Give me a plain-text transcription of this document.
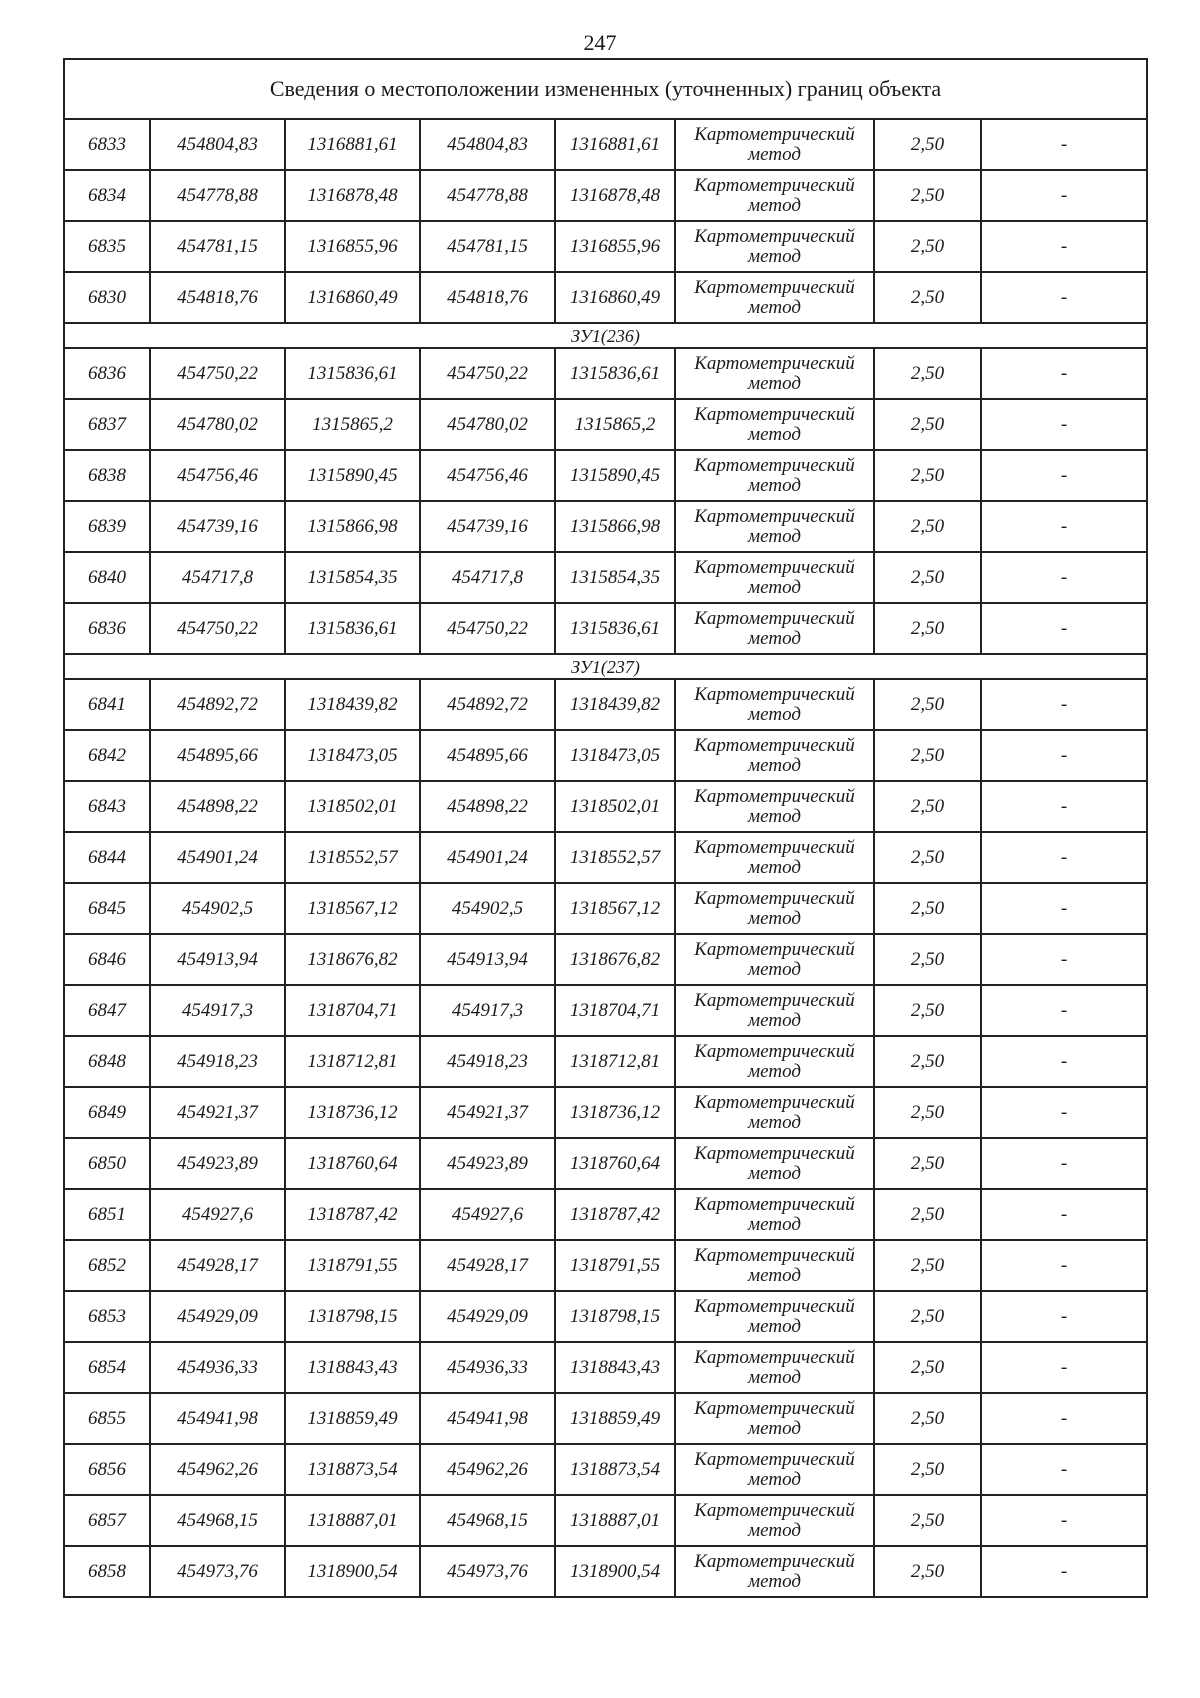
247
Сведения о местоположении измененных (уточненных) границ объекта							
6833	454804,83	1316881,61	454804,83	1316881,61	Картометрический метод	2,50	-
6834	454778,88	1316878,48	454778,88	1316878,48	Картометрический метод	2,50	-
6835	454781,15	1316855,96	454781,15	1316855,96	Картометрический метод	2,50	-
6830	454818,76	1316860,49	454818,76	1316860,49	Картометрический метод	2,50	-
ЗУ1(236)							
6836	454750,22	1315836,61	454750,22	1315836,61	Картометрический метод	2,50	-
6837	454780,02	1315865,2	454780,02	1315865,2	Картометрический метод	2,50	-
6838	454756,46	1315890,45	454756,46	1315890,45	Картометрический метод	2,50	-
6839	454739,16	1315866,98	454739,16	1315866,98	Картометрический метод	2,50	-
6840	454717,8	1315854,35	454717,8	1315854,35	Картометрический метод	2,50	-
6836	454750,22	1315836,61	454750,22	1315836,61	Картометрический метод	2,50	-
ЗУ1(237)							
6841	454892,72	1318439,82	454892,72	1318439,82	Картометрический метод	2,50	-
6842	454895,66	1318473,05	454895,66	1318473,05	Картометрический метод	2,50	-
6843	454898,22	1318502,01	454898,22	1318502,01	Картометрический метод	2,50	-
6844	454901,24	1318552,57	454901,24	1318552,57	Картометрический метод	2,50	-
6845	454902,5	1318567,12	454902,5	1318567,12	Картометрический метод	2,50	-
6846	454913,94	1318676,82	454913,94	1318676,82	Картометрический метод	2,50	-
6847	454917,3	1318704,71	454917,3	1318704,71	Картометрический метод	2,50	-
6848	454918,23	1318712,81	454918,23	1318712,81	Картометрический метод	2,50	-
6849	454921,37	1318736,12	454921,37	1318736,12	Картометрический метод	2,50	-
6850	454923,89	1318760,64	454923,89	1318760,64	Картометрический метод	2,50	-
6851	454927,6	1318787,42	454927,6	1318787,42	Картометрический метод	2,50	-
6852	454928,17	1318791,55	454928,17	1318791,55	Картометрический метод	2,50	-
6853	454929,09	1318798,15	454929,09	1318798,15	Картометрический метод	2,50	-
6854	454936,33	1318843,43	454936,33	1318843,43	Картометрический метод	2,50	-
6855	454941,98	1318859,49	454941,98	1318859,49	Картометрический метод	2,50	-
6856	454962,26	1318873,54	454962,26	1318873,54	Картометрический метод	2,50	-
6857	454968,15	1318887,01	454968,15	1318887,01	Картометрический метод	2,50	-
6858	454973,76	1318900,54	454973,76	1318900,54	Картометрический метод	2,50	-
